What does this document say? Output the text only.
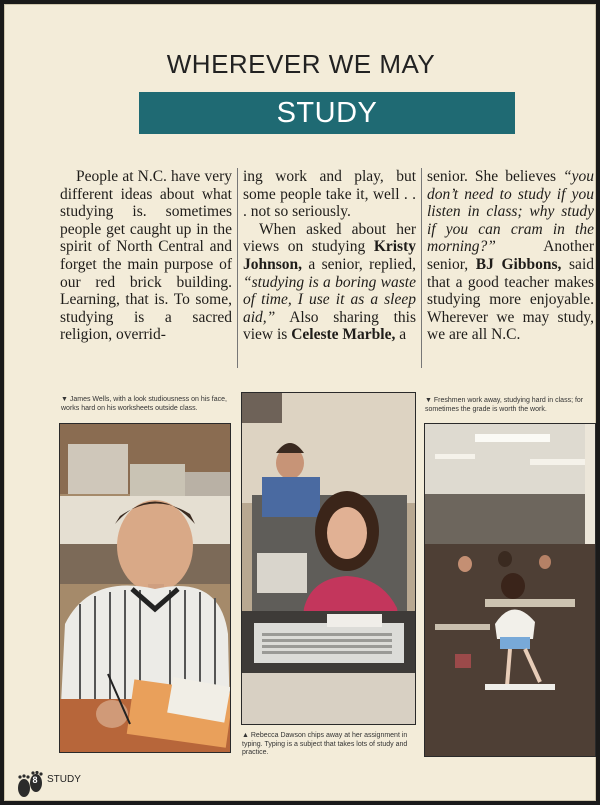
WHEREVER WE MAY
STUDY

People at N.C. have very different ideas about what studying is. sometimes people get caught up in the spirit of North Central and forget the main purpose of our red brick building. Learning, that is. To some, studying is a sacred religion, overrid-

ing work and play, but some people take it, well . . . not so seriously.

When asked about her views on studying Kristy Johnson, a senior, replied, “studying is a boring waste of time, I use it as a sleep aid,” Also sharing this view is Celeste Marble, a

senior. She believes “you don’t need to study if you listen in class; why study if you can cram in the morning?” Another senior, BJ Gibbons, said that a good teacher makes studying more enjoyable. Wherever we may study, we are all N.C.

▼ James Wells, with a look studiousness on his face, works hard on his worksheets outside class.
▲ Rebecca Dawson chips away at her assignment in typing. Typing is a subject that takes lots of study and practice.
▼ Freshmen work away, studying hard in class; for sometimes the grade is worth the work.
8 STUDY
